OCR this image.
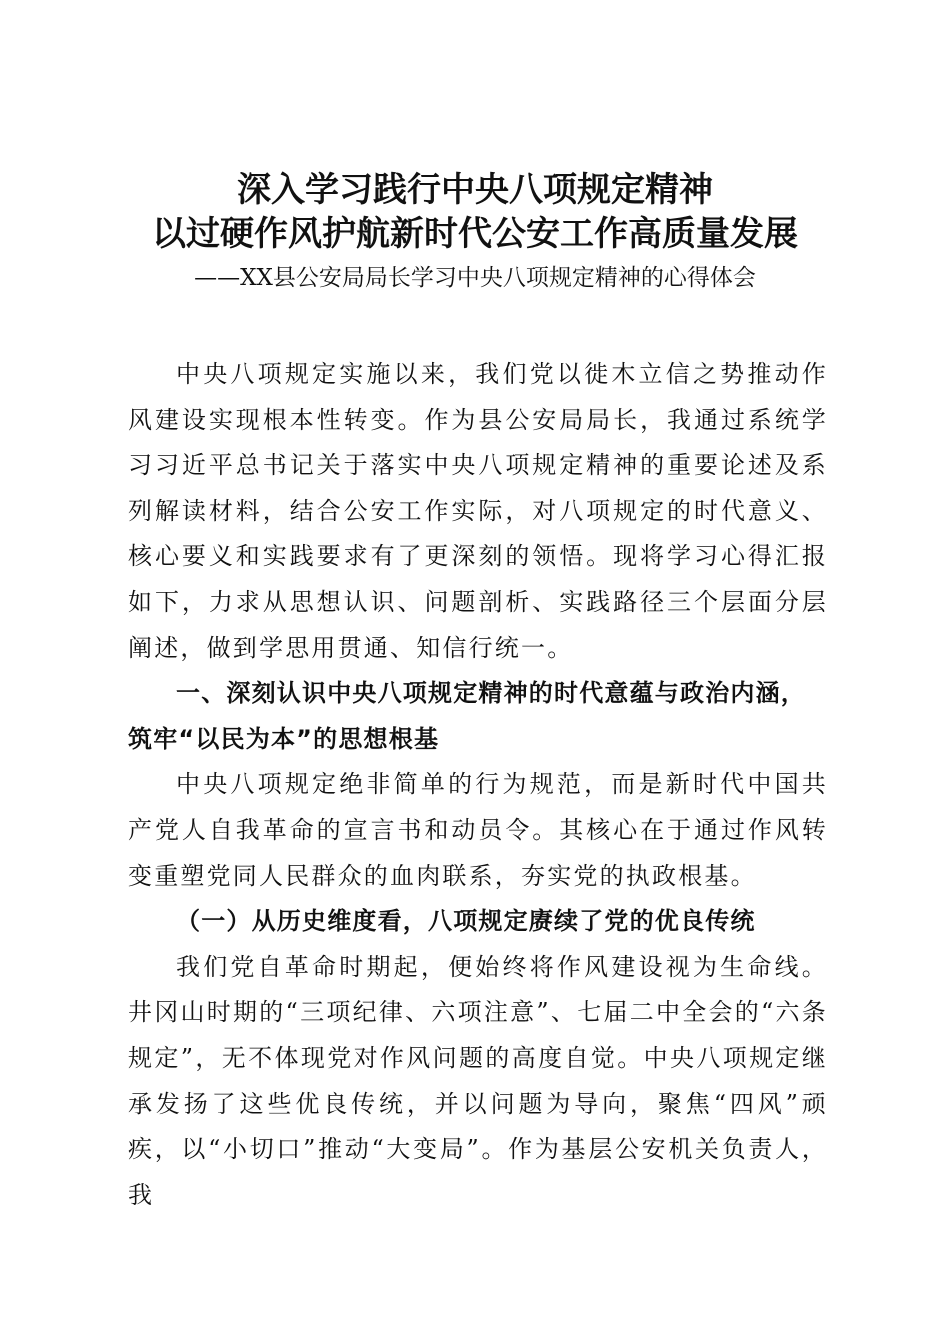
深入学习践行中央八项规定精神
以过硬作风护航新时代公安工作高质量发展
——XX县公安局局长学习中央八项规定精神的心得体会

中央八项规定实施以来，我们党以徙木立信之势推动作风建设实现根本性转变。作为县公安局局长，我通过系统学习习近平总书记关于落实中央八项规定精神的重要论述及系列解读材料，结合公安工作实际，对八项规定的时代意义、核心要义和实践要求有了更深刻的领悟。现将学习心得汇报如下，力求从思想认识、问题剖析、实践路径三个层面分层阐述，做到学思用贯通、知信行统一。

一、深刻认识中央八项规定精神的时代意蕴与政治内涵，筑牢“以民为本”的思想根基

中央八项规定绝非简单的行为规范，而是新时代中国共产党人自我革命的宣言书和动员令。其核心在于通过作风转变重塑党同人民群众的血肉联系，夯实党的执政根基。

（一）从历史维度看，八项规定赓续了党的优良传统

我们党自革命时期起，便始终将作风建设视为生命线。井冈山时期的“三项纪律、六项注意”、七届二中全会的“六条规定”，无不体现党对作风问题的高度自觉。中央八项规定继承发扬了这些优良传统，并以问题为导向，聚焦“四风”顽疾，以“小切口”推动“大变局”。作为基层公安机关负责人，我
